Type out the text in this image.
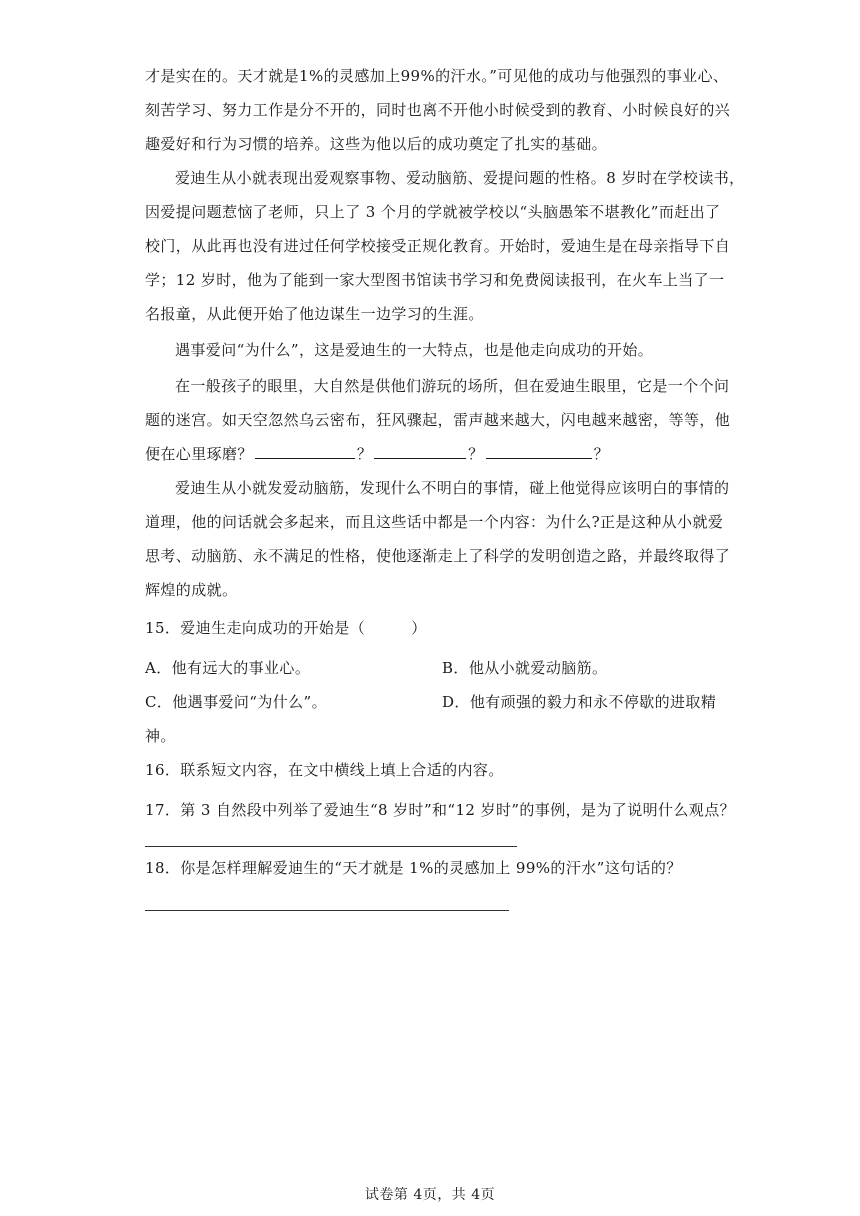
才是实在的。天才就是1%的灵感加上99%的汗水。”可见他的成功与他强烈的事业心、
刻苦学习、努力工作是分不开的，同时也离不开他小时候受到的教育、小时候良好的兴
趣爱好和行为习惯的培养。这些为他以后的成功奠定了扎实的基础。
爱迪生从小就表现出爱观察事物、爱动脑筋、爱提问题的性格。8 岁时在学校读书，
因爱提问题惹恼了老师，只上了 3 个月的学就被学校以“头脑愚笨不堪教化”而赶出了
校门，从此再也没有进过任何学校接受正规化教育。开始时，爱迪生是在母亲指导下自
学；12 岁时，他为了能到一家大型图书馆读书学习和免费阅读报刊，在火车上当了一
名报童，从此便开始了他边谋生一边学习的生涯。
遇事爱问“为什么”，这是爱迪生的一大特点，也是他走向成功的开始。
在一般孩子的眼里，大自然是供他们游玩的场所，但在爱迪生眼里，它是一个个问
题的迷宫。如天空忽然乌云密布，狂风骤起，雷声越来越大，闪电越来越密，等等，他
便在心里琢磨？	？	？	？
爱迪生从小就发爱动脑筋，发现什么不明白的事情，碰上他觉得应该明白的事情的
道理，他的问话就会多起来，而且这些话中都是一个内容：为什么?正是这种从小就爱
思考、动脑筋、永不满足的性格，使他逐渐走上了科学的发明创造之路，并最终取得了
辉煌的成就。
15．爱迪生走向成功的开始是（　　　）
A．他有远大的事业心。	B．他从小就爱动脑筋。
C．他遇事爱问“为什么”。	D．他有顽强的毅力和永不停歇的进取精
神。
16．联系短文内容，在文中横线上填上合适的内容。
17．第 3 自然段中列举了爱迪生“8 岁时”和“12 岁时”的事例，是为了说明什么观点？
18．你是怎样理解爱迪生的“天才就是 1%的灵感加上 99%的汗水”这句话的？
试卷第 4页，共 4页
